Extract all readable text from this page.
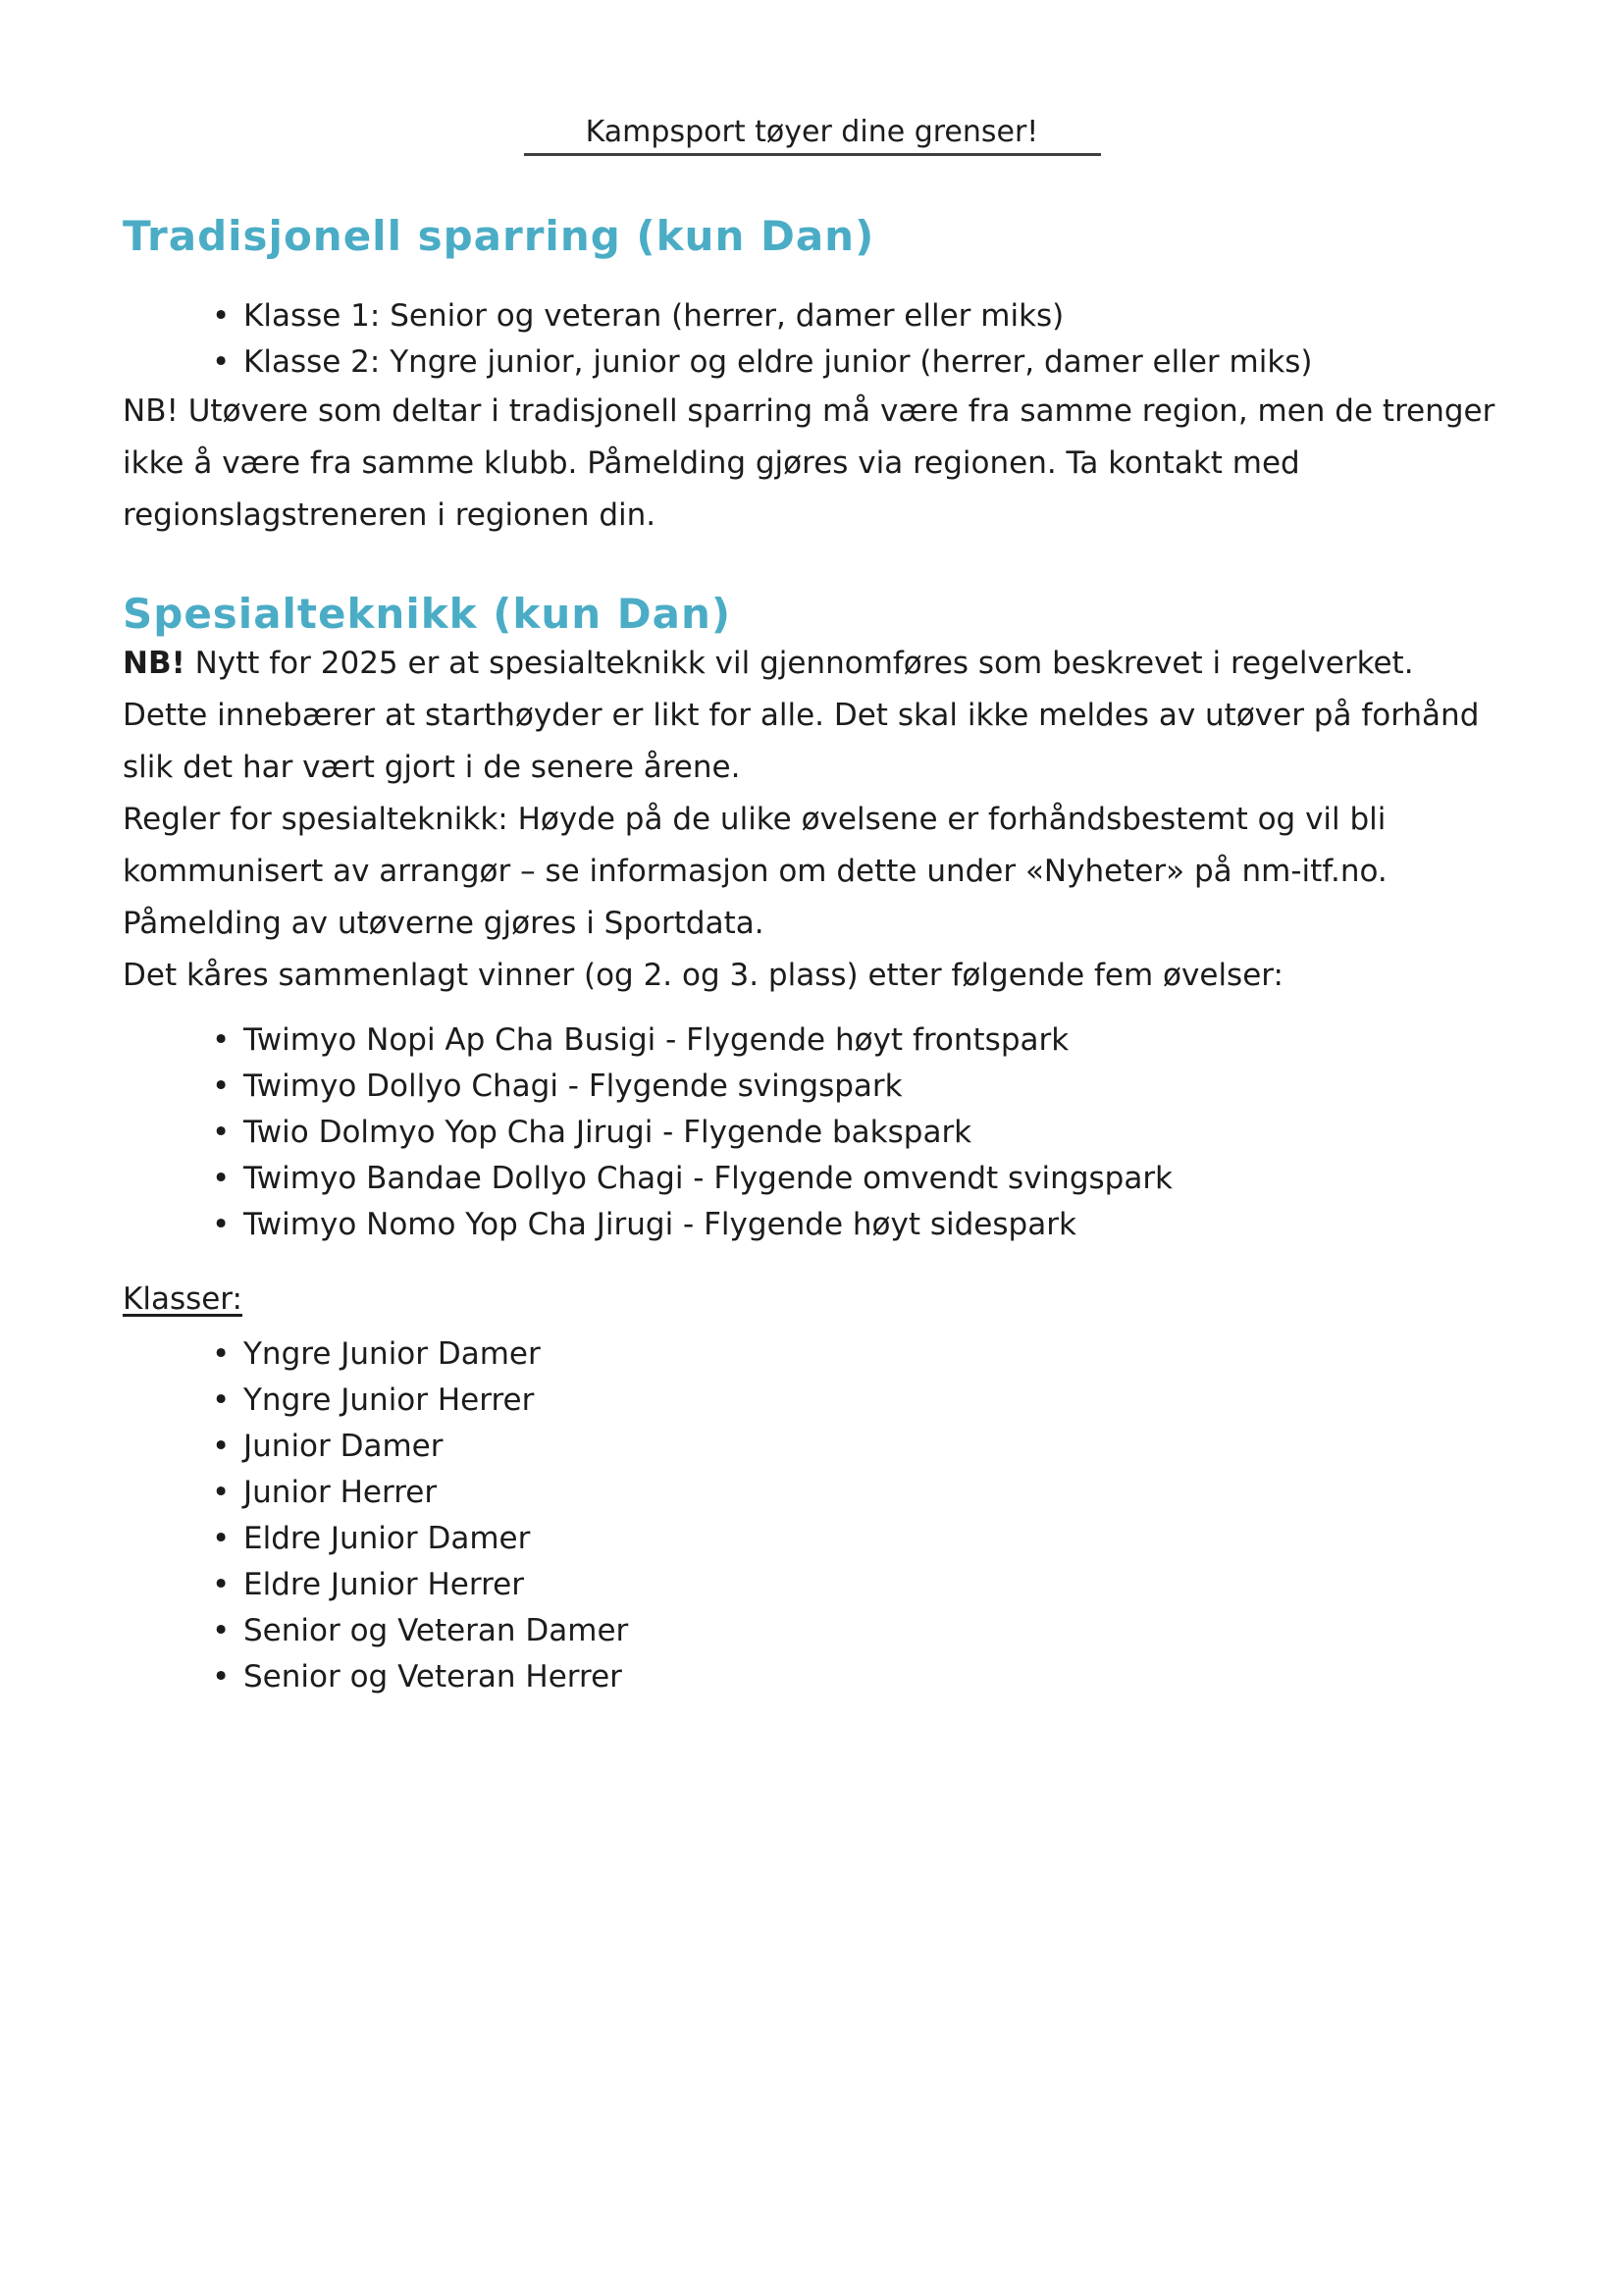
Kampsport tøyer dine grenser!
Tradisjonell sparring (kun Dan)
• Klasse 1: Senior og veteran (herrer, damer eller miks)
• Klasse 2: Yngre junior, junior og eldre junior (herrer, damer eller miks)

NB! Utøvere som deltar i tradisjonell sparring må være fra samme region, men de trenger ikke å være fra samme klubb. Påmelding gjøres via regionen. Ta kontakt med regionslagstreneren i regionen din.

Spesialteknikk (kun Dan)

NB! Nytt for 2025 er at spesialteknikk vil gjennomføres som beskrevet i regelverket. Dette innebærer at starthøyder er likt for alle. Det skal ikke meldes av utøver på forhånd slik det har vært gjort i de senere årene.

Regler for spesialteknikk: Høyde på de ulike øvelsene er forhåndsbestemt og vil bli kommunisert av arrangør – se informasjon om dette under «Nyheter» på nm-itf.no. Påmelding av utøverne gjøres i Sportdata.

Det kåres sammenlagt vinner (og 2. og 3. plass) etter følgende fem øvelser:

• Twimyo Nopi Ap Cha Busigi - Flygende høyt frontspark
• Twimyo Dollyo Chagi - Flygende svingspark
• Twio Dolmyo Yop Cha Jirugi - Flygende bakspark
• Twimyo Bandae Dollyo Chagi - Flygende omvendt svingspark
• Twimyo Nomo Yop Cha Jirugi - Flygende høyt sidespark

Klasser:

• Yngre Junior Damer
• Yngre Junior Herrer
• Junior Damer
• Junior Herrer
• Eldre Junior Damer
• Eldre Junior Herrer
• Senior og Veteran Damer
• Senior og Veteran Herrer
